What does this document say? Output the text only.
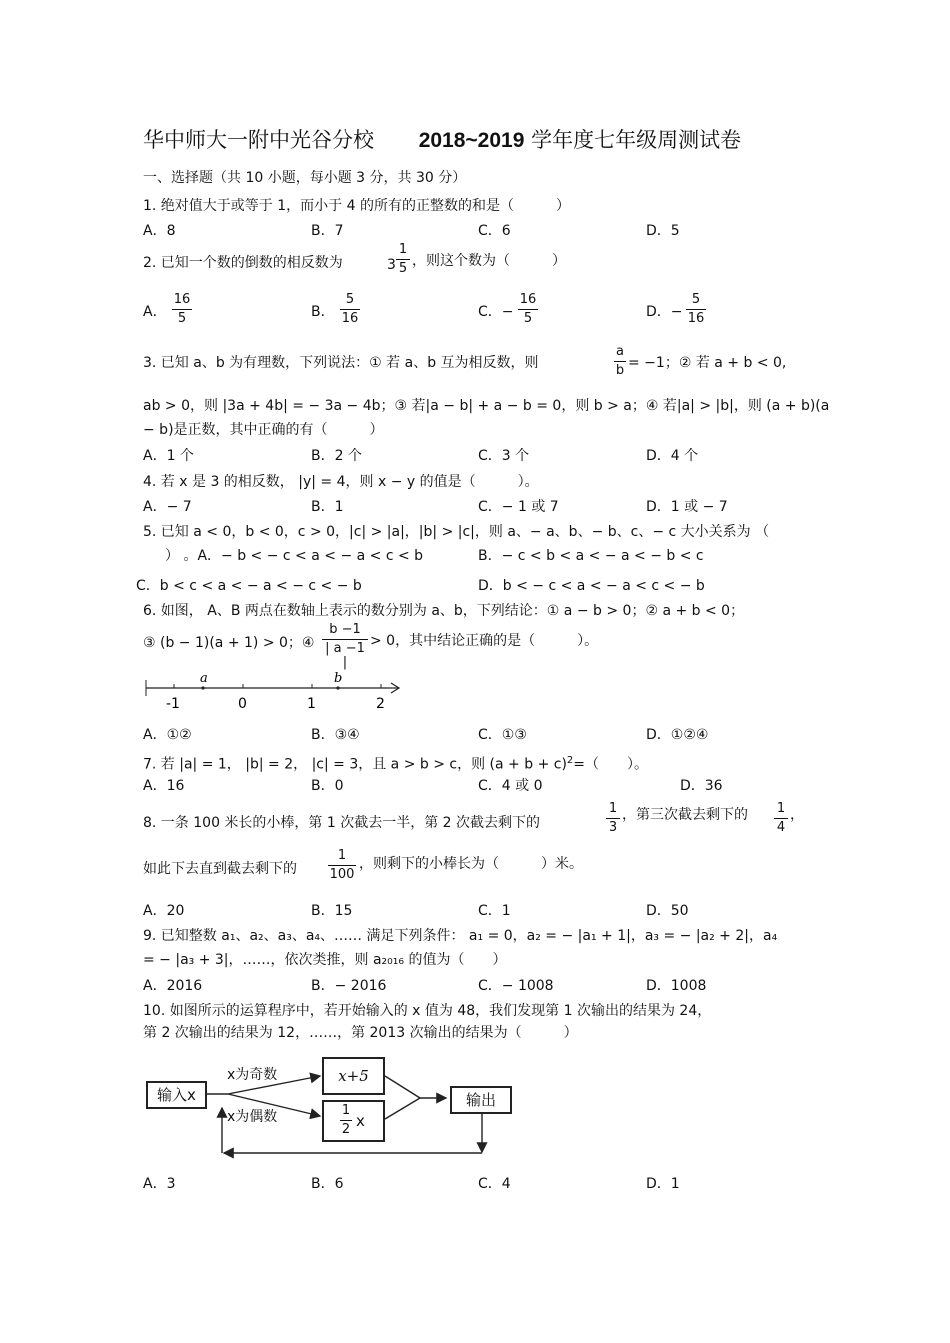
华中师大一附中光谷分校 2018~2019 学年度七年级周测试卷
一、选择题（共 10 小题，每小题 3 分，共 30 分）
1. 绝对值大于或等于 1，而小于 4 的所有的正整数的和是（　　　）
A．8	B．7	C．6	D．5
2. 已知一个数的倒数的相反数为	3
1
5 ，则这个数为（　　　）
A．
16
5	B．
5
16	C．−
16
5	D．−
5
16
3. 已知 a、b 为有理数，下列说法：① 若 a、b 互为相反数，则
a
b = −1；② 若 a + b < 0,
ab > 0，则 |3a + 4b| = − 3a − 4b；③ 若|a − b| + a − b = 0，则 b > a；④ 若|a| > |b|，则 (a + b)(a
− b)是正数，其中正确的有（　　　）
A．1 个	B．2 个	C．3 个	D．4 个
4. 若 x 是 3 的相反数， |y| = 4，则 x − y 的值是（　　　）。
A．− 7	B．1	C．− 1 或 7	D．1 或 − 7
5. 已知 a < 0，b < 0，c > 0，|c| > |a|，|b| > |c|，则 a、− a、b、− b、c、− c 大小关系为 （
） 。A．− b < − c < a < − a < c < b	B．− c < b < a < − a < − b < c
C．b < c < a < − a < − c < − b	D．b < − c < a < − a < c < − b
6. 如图， A、B 两点在数轴上表示的数分别为 a、b，下列结论：① a − b > 0；② a + b < 0；
③ (b − 1)(a + 1) > 0；④
b −1
| a −1 |
> 0，其中结论正确的是（　　　）。
a	b
-1	0	1	2
A．①②	B．③④	C．①③	D．①②④
7. 若 |a| = 1， |b| = 2， |c| = 3，且 a > b > c，则 $(a + b + c)^2=$（　　）。
A．16	B．0	C．4 或 0	D．36
8. 一条 100 米长的小棒，第 1 次截去一半，第 2 次截去剩下的
1
3
，第三次截去剩下的 1
4
，
如此下去直到截去剩下的
1
100
，则剩下的小棒长为（　　　）米。
A．20	B．15	C．1	D．50
9. 已知整数 a₁、a₂、a₃、a₄、…… 满足下列条件： a₁ = 0，a₂ = − |a₁ + 1|，a₃ = − |a₂ + 2|，a₄
= − |a₃ + 3|，……，依次类推，则 a₂₀₁₆ 的值为（　　）
A．2016	B．− 2016	C．− 1008	D．1008
10. 如图所示的运算程序中，若开始输入的 x 值为 48，我们发现第 1 次输出的结果为 24，
第 2 次输出的结果为 12，……，第 2013 次输出的结果为（　　　）
输入x
x为奇数
x为偶数
x+5
1
2 x
输出
A．3	B．6	C．4	D．1
